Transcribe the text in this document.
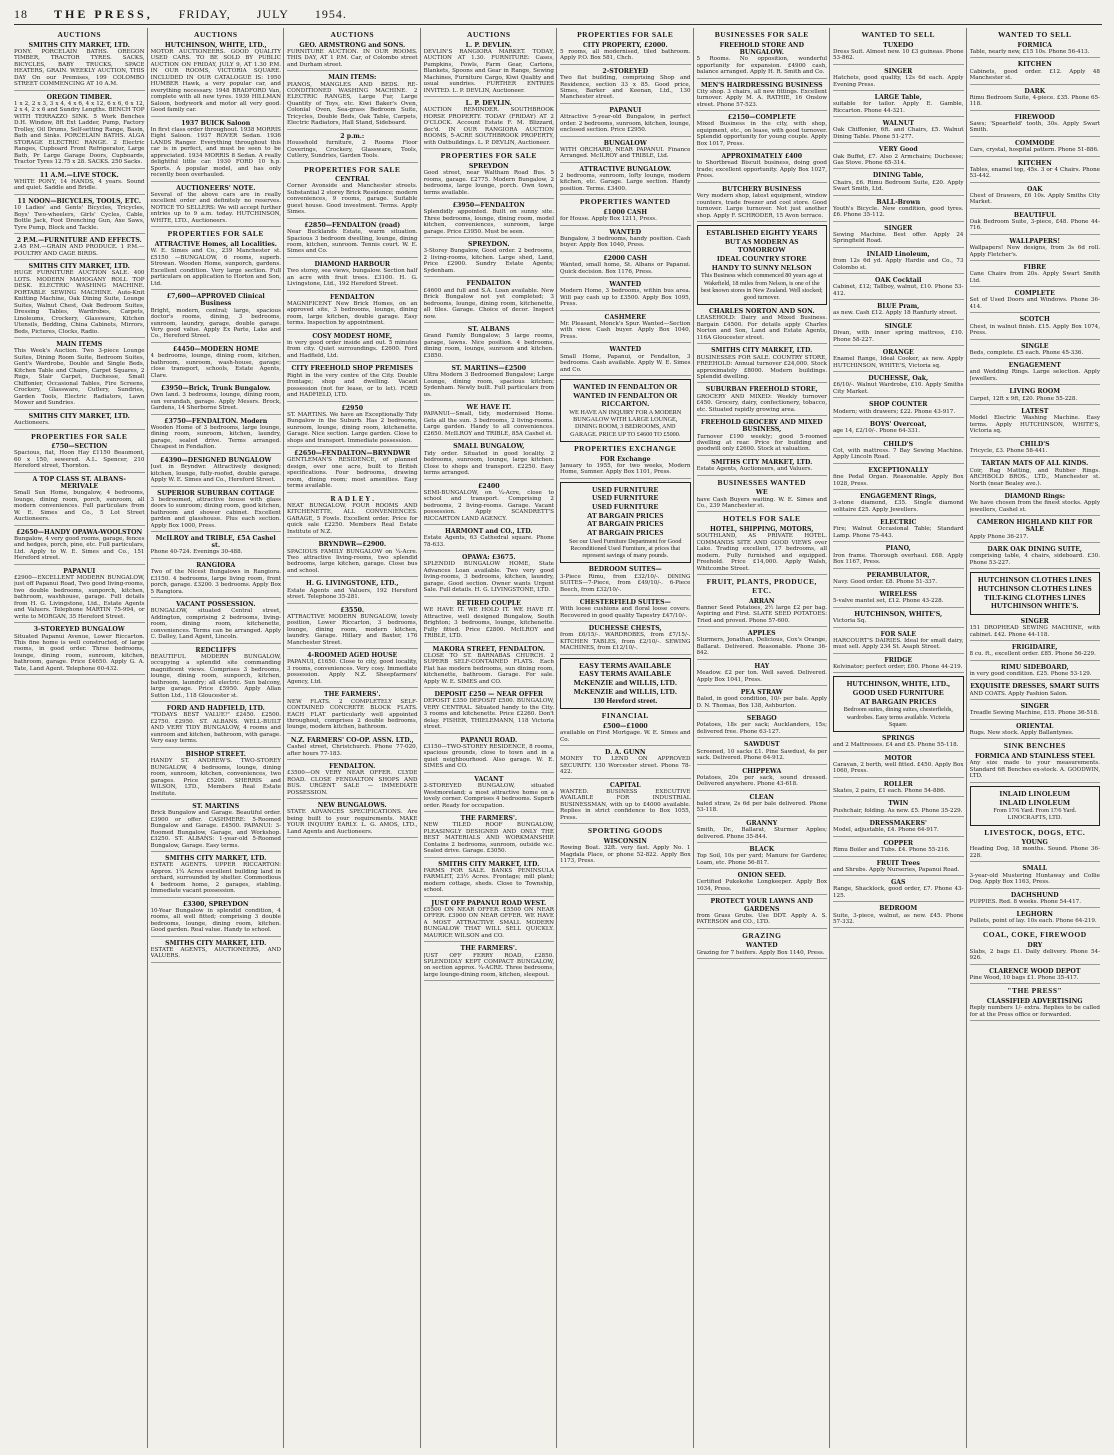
18 THE PRESS, FRIDAY, JULY 1954.
AUCTIONS
SMITHS CITY MARKET, LTD.
PONY. PORCELAIN BATHS. OREGON TIMBER, TRACTOR TYRES. SACKS, BICYCLES, BABY TRUCKS, SPACE HEATERS, GRAIN. WEEKLY AUCTION, THIS DAY On our Premises, 199 COLOMBO STREET COMMENCING AT 10 A.M.
OREGON TIMBER.
1 x 2, 2 x 3, 3 x 4, 4 x 6, 4 x 12, 6 x 6, 6 x 12, 2 x 4, 2 x 6 and Sundry Lengths. BENCH TOP WITH TERRAZZO SINK. 5 Work Benches D.H. Window, 8ft Ext Ladder, Pump, Factory Trolley, Oil Drums, Self-setting Range, Basin, Bath and Sinks. PORCELAIN BATHS. ALGA STORAGE ELECTRIC RANGE. 2 Electric Ranges, Cupboard Front Refrigerator, Large Bath, Pr Large Garage Doors, Cupboards, Tractor Tyres 12.75 x 28. SACKS. 250 Sacks.
11 A.M.—LIVE STOCK.
WHITE PONY, 14 HANDS, 4 years. Sound and quiet. Saddle and Bridle.
11 NOON—BICYCLES, TOOLS, ETC.
10 Ladies' and Gents' Bicycles, Tricycles, Boys' Two-wheelers, Girls' Cycles, Cable, Bottle Jack, Foot Drenching Gun, Axe Saws, Tyre Pump, Block and Tackle.
2 P.M.—FURNITURE AND EFFECTS.
2.45 P.M.—GRAIN AND PRODUCE. 1 P.M.—POULTRY AND CAGE BIRDS.
SMITHS CITY MARKET, LTD.
HUGE FURNITURE AUCTION SALE. 400 LOTS. MODERN MAHOGANY ROLL TOP DESK. ELECTRIC WASHING MACHINE. PORTABLE SEWING MACHINE. Auto-Knit Knitting Machine, Oak Dining Suite, Lounge Suites, Walnut Chest, Oak Bedroom Suites, Dressing Tables, Wardrobes, Carpets, Linoleums, Crockery, Glassware, Kitchen Utensils, Bedding, China Cabinets, Mirrors, Beds, Pictures, Clocks, Radio.
MAIN ITEMS
This Week's Auction. Two 3-piece Lounge Suites, Dining Room Suite, Bedroom Suites, Gent's Wardrobe, Double and Single Beds, Kitchen Table and Chairs, Carpet Squares, 2 Rugs, Stair Carpet, Duchesse, Small Chiffonier, Occasional Tables, Fire Screens, Crockery, Glassware, Cutlery, Sundries, Garden Tools, Electric Radiators, Lawn Mower and Sundries.
SMITHS CITY MARKET, LTD.
Auctioneers.
PROPERTIES FOR SALE
£750—SECTION
Spacious, flat, Hoon Hay £1150 Beaumont, 60 x 150, sewered. A.L. Spencer, 210 Hereford street, Thornton.
A TOP CLASS ST. ALBANS-MERIVALE
Small Sun Home, bungalow, 4 bedrooms, lounge, dining room, porch, sunroom, all modern conveniences. Full particulars from W. E. Simes and Co., 5 Lot Street Auctioneers.
£2650—HANDY OPAWA-WOOLSTON
Bungalow, 4 very good rooms, garage, fences and hedges, porch, pine, etc. Full particulars, Ltd. Apply to W. E. Simes and Co., 151 Hereford street.
PAPANUI
£2900—EXCELLENT MODERN BUNGALOW, just off Papanui Road, Two good living-rooms, two double bedrooms, sunporch, kitchen, bathroom, washhouse, garage. Full details from H. G. Livingstone, Ltd., Estate Agents and Valuers. Telephone MARTIN 75-994, or write to MORGAN, 35 Hereford Street.
3-STOREYED BUNGALOW
Situated Papanui Avenue, Lower Riccarton. This fine home is well constructed, of large rooms, in good order. Three bedrooms, lounge, dining room, sunroom, kitchen, bathroom, garage. Price £4650. Apply G. A. Tate, Land Agent. Telephone 60-432.
AUCTIONS
HUTCHINSON, WHITE, LTD.,
MOTOR AUCTIONEERS. GOOD QUALITY USED CARS. TO BE SOLD BY PUBLIC AUCTION ON FRIDAY, JULY 9, AT 1.30 P.M. IN OUR ROOMS, VICTORIA SQUARE. INCLUDED IN OUR CATALOGUE IS: 1950 HUMBER Hawk, a very popular car, and everything necessary. 1948 BRADFORD Van, complete with all new tyres. 1939 HILLMAN Saloon, bodywork and motor all very good. Good family car.
1937 BUICK Saloon
In first class order throughout. 1938 MORRIS Eight Saloon. 1937 ROVER Sedan. 1936 LANDS Ranger. Everything throughout this car is in perfect, and must be seen to be appreciated. 1934 MORRIS 8 Sedan. A really delightful little car. 1930 FORD 10 h.p. Sports. A popular model, and has only recently been overhauled.
AUCTIONEERS' NOTE.
Several of the above cars are in really excellent order and definitely no reserves. NOTICE TO SELLERS: We will accept further entries up to 9 a.m. today. HUTCHINSON, WHITE, LTD., Auctioneers.
PROPERTIES FOR SALE
ATTRACTIVE Homes, all Localities.
W. E. Simes and Co., 239 Manchester st. £5150 —BUNGALOW, 6 rooms, superb. Strowan. Wooden Home, sunporch, gardens. Excellent condition. Very large section. Full particulars on application to Horton and Son, Ltd.
£7,600—APPROVED Clinical Business
Bright, modern, central; large, spacious doctor's rooms, dining, 3 bedrooms, sunroom, laundry, garage, double garage. Very good value. Apply Ex Parte, Lake and Co., Hereford Street.
£4450—MODERN HOME
4 bedrooms, lounge, dining room, kitchen, bathroom, sunroom, wash-house, garage; close transport, schools, Estate Agents, Clare.
£3950—Brick, Trunk Bungalow.
Own land. 3 bedrooms, lounge, dining room, sun verandah, garage. Apply Messrs. Brock, Gardens, 14 Sherborne Street.
£3750—FENDALTON. Modern
Wooden Home of 3 bedrooms, large lounge, dining room, sunroom, kitchen, laundry, garage, sealed drive. Terms arranged. Cheapest in Fendalton.
£4390—DESIGNED BUNGALOW
Just in Bryndwr. Attractively designed; kitchen, lounge, fully-roofed, double garage. Apply W. E. Simes and Co., Hereford Street.
SUPERIOR SUBURBAN COTTAGE
3 bedroomed, attractive house with glass doors to sunroom; dining room, good kitchen, bathroom and shower cabinet. Excellent garden and glasshouse. Plus each section. Apply Box 1000, Press.
McILROY and TRIBLE, £5A Cashel st.
Phone 40-724. Evenings 30-488.
RANGIORA
Two of the Nicest Bungalows in Rangiora. £3150. 4 bedrooms, large living room, front porch, garage. £3200. 3 bedrooms. Apply Box 5 Rangiora.
VACANT POSSESSION.
BUNGALOW, situated Central street, Addington, comprising 2 bedrooms, living-room, dining room, kitchenette, conveniences. Terms can be arranged. Apply C. Dalley, Land Agent, Lincoln.
REDCLIFFS
BEAUTIFUL MODERN BUNGALOW, occupying a splendid site commanding magnificent views. Comprises 3 bedrooms, lounge, dining room, sunporch, kitchen, bathroom, laundry; all electric. Sun balcony, large garage. Price £5950. Apply Allan Sutton Ltd., 118 Gloucester st.
FORD AND HADFIELD, LTD.
"TODAYS BEST VALUE!" £2450. £2500. £2750. £2950. ST. ALBANS. WELL-BUILT AND VERY TIDY BUNGALOW, 4 rooms and sunroom and kitchen, bathroom, with garage. Very easy terms.
BISHOP STREET.
HANDY ST. ANDREW'S. TWO-STOREY BUNGALOW, 4 bedrooms, lounge, dining room, sunroom, kitchen, conveniences, two garages. Price £5200. SHERRIS and WILSON, LTD., Members Real Estate Institute.
ST. MARTINS
Brick Bungalow and Garage. Beautiful order. £3900 or offer. CASHMERE: 5-Roomed Bungalow and Garage. £4500. PAPANUI: 3-Roomed Bungalow, Garage, and Workshop. £3250. ST. ALBANS: 1-year-old 5-Roomed Bungalow, Garage. Easy terms.
SMITHS CITY MARKET, LTD.
ESTATE AGENTS. UPPER RICCARTON: Approx. 1¼ Acres excellent building land in orchard, surrounded by shelter. Commodious 4 bedroom home, 2 garages, stabling. Immediate vacant possession.
£3300, SPREYDON
10-Year Bungalow in splendid condition, 4 rooms, all well fitted; comprising 3 double bedrooms, lounge, dining room, kitchen. Good garden. Real value. Handy to school.
SMITHS CITY MARKET, LTD.
ESTATE AGENTS, AUCTIONEERS, AND VALUERS.
AUCTIONS
GEO. ARMSTRONG and SONS.
FURNITURE AUCTION. IN OUR ROOMS. THIS DAY, AT 1 P.M. Car, of Colombo street and Durham street.
MAIN ITEMS:
PIANOS, MANGLES AND BEDS. RE-CONDITIONED WASHING MACHINE. 2 ELECTRIC RANGES, Large Fur, Large Quantity of Toys, etc. Kiwi Baker's Oven, Colonial Oven, Sea-grass Bedroom Suite, Tricycles, Double Beds, Oak Table, Carpets, Electric Radiators, Hall Stand, Sideboard.
2 p.m.:
Household furniture, 2 Rooms Floor Coverings, Crockery, Glassware, Tools, Cutlery, Sundries, Garden Tools.
PROPERTIES FOR SALE
CENTRAL
Corner Avonside and Manchester streets. Substantial 2 storey Brick Residence; modern conveniences, 9 rooms, garage. Suitable guest house. Good investment. Terms. Apply Simes.
£2850—FENDALTON (road)
Near Bucklands Estate, warm situation. Spacious 3 bedroom dwelling, lounge, dining room, kitchen, sunroom. Tennis court. W. E. Simes and Co.
DIAMOND HARBOUR
Two storey, sea views, bungalow. Section half an acre with fruit trees. £3100. H. G. Livingstone, Ltd., 192 Hereford Street.
FENDALTON
MAGNIFICENT New Brick Homes, on an approved site, 3 bedrooms, lounge, dining room, large kitchen, double garage. Easy terms. Inspection by appointment.
COSY MODEST HOME,
in very good order inside and out. 5 minutes from city. Quiet surroundings. £2600. Ford and Hadfield, Ltd.
CITY FREEHOLD SHOP PREMISES
Right in the very centre of the City. Double frontage; shop and dwelling. Vacant possession (not for lease, or to let). FORD and HADFIELD, LTD.
£2950
ST. MARTINS. We have an Exceptionally Tidy Bungalow in the Suburb. Has 2 bedrooms, sunroom, lounge, dining room, kitchenette. Garage. Nice section. Large garden. Close to shops and transport. Immediate possession.
£2650—FENDALTON—BRYNDWR
GENTLEMAN'S RESIDENCE, of planned design, over one acre, built to British specifications. Four bedrooms, drawing room, dining room; most amenities. Easy terms available.
R A D L E Y .
NEAT BUNGALOW, FOUR ROOMS AND KITCHENETTE, ALL CONVENIENCES. GARAGE, 5 Fowls. Excellent order. Price for quick sale £2250. Members Real Estate Institute of N.Z.
BRYNDWR—£2900.
SPACIOUS FAMILY BUNGALOW on ¼-Acre. Two attractive living-rooms, two splendid bedrooms, large kitchen, garage. Close bus and school.
H. G. LIVINGSTONE, LTD.,
Estate Agents and Valuers, 192 Hereford street. Telephone 35-281.
£3550.
ATTRACTIVE MODERN BUNGALOW, lovely position, Lower Riccarton, 3 bedrooms, lounge, dining room, modern kitchen, laundry. Garage. Hillary and Baxter, 176 Manchester Street.
4-ROOMED AGED HOUSE
PAPANUI, £1650. Close to city, good locality, 3 rooms, conveniences. Very cosy. Immediate possession. Apply N.Z. Sheepfarmers' Agency, Ltd.
THE FARMERS'.
NEW FLATS. 2 COMPLETELY SELF-CONTAINED CONCRETE BLOCK FLATS. EACH FLAT particularly well appointed throughout, comprises 2 double bedrooms, lounge, modern kitchen, bathroom.
N.Z. FARMERS' CO-OP. ASSN. LTD.,
Cashel street, Christchurch. Phone 77-020, after hours 77-183.
FENDALTON.
£3500—ON VERY NEAR OFFER. CLYDE ROAD. CLOSE FENDALTON SHOPS AND BUS. URGENT SALE — IMMEDIATE POSSESSION.
NEW BUNGALOWS.
STATE ADVANCES SPECIFICATIONS. Are being built to your requirements. MAKE YOUR INQUIRY EARLY. L. G. AMOS, LTD., Land Agents and Auctioneers.
AUCTIONS
L. P. DEVLIN.
DEVLIN'S RANGIORA MARKET. TODAY, AUCTION AT 1.30. FURNITURE: Cases, Pumpkins, Fowls, Farm Gear, Cartons, Blankets, Spoons and Gear in Range, Sewing Machines, Furniture Cargo, Kiwi Quality and usual sundries. FURTHER ENTRIES INVITED. L. P. DEVLIN, Auctioneer.
L. P. DEVLIN.
AUCTION REMINDER. SOUTHBROOK HORSE PROPERTY. TODAY (FRIDAY) AT 2 O'CLOCK. Account Estate F. M. Blizzard, dec'd. IN OUR RANGIORA AUCTION ROOMS, 5-ACRE SOUTHBROOK PROPERTY, with Outbuildings. L. P. DEVLIN, Auctioneer.
PROPERTIES FOR SALE
SPREYDON
Good street, near Waltham Road Bus. 5 rooms, garage. £2775. Modern Bungalow, 2 bedrooms, large lounge, porch. Own town, terms available.
£3950—FENDALTON
Splendidly appointed. Built on sunny site. Three bedrooms, lounge, dining room, model kitchen, conveniences, sunroom, large garage. Price £3950. Must be seen.
SPREYDON.
3-Storey Bungalow, Good order. 2 bedrooms, 2 living-rooms, kitchen. Large shed, Land, Price £2900. Sundry Estate Agents; Sydenham.
FENDALTON
£4600 and full and S.A. Loan available. New Brick Bungalow not yet completed; 3 bedrooms, lounge, dining room, kitchenette, all tiles. Garage. Choice of decor. Inspect now.
ST. ALBANS
Grand Family Bungalow; 5 large rooms, garage, lawns. Nice position. 4 bedrooms, dining room, lounge, sunroom and kitchen. £3850.
ST. MARTINS—£2500
Ultra Modern 3 Bedroomed Bungalow; Large Lounge, dining room, spacious kitchen; Sydenham. Newly built. Full particulars from us.
WE HAVE IT.
PAPANUI—Small, tidy, modernised Home. Gets all the sun. 3 bedrooms, 2 living-rooms. Large garden. Handy to all conveniences. £2650. McILROY and TRIBLE, 85A Cashel st.
SMALL BUNGALOW,
Tidy order. Situated in good locality. 2 bedrooms, sunroom, lounge, large kitchen. Close to shops and transport. £2250. Easy terms arranged.
£2400
SEMI-BUNGALOW, on ¼-Acre, close to school and transport. Comprising 2 bedrooms, 2 living-rooms. Garage. Vacant possession. Apply SCANDRETT'S RICCARTON LAND AGENCY.
HARMONT and CO., LTD.
Estate Agents, 63 Cathedral square. Phone 78-633.
OPAWA: £3675.
SPLENDID BUNGALOW HOME, State Advances Loan available. Two very good living-rooms, 3 bedrooms, kitchen, laundry, garage. Good section. Owner wants Urgent Sale. Full details. H. G. LIVINGSTONE, LTD.
RETIRED COUPLE
WE HAVE IT. WE HOLD IT. WE HAVE IT. Attractive, well designed Bungalow, South Brighton; 3 bedrooms, lounge, kitchenette. Fully fitted. Price £2800. McILROY and TRIBLE, LTD.
MAKORA STREET, FENDALTON.
CLOSE TO ST. BARNABAS CHURCH. 2 SUPERB SELF-CONTAINED FLATS. Each Flat has modern bedrooms, sun dining room, kitchenette, bathroom. Garage. For sale. Apply W. E. SIMES and CO.
DEPOSIT £250 — NEAR OFFER
DEPOSIT £350 DEPOSIT £500. BUNGALOW, VERY CENTRAL. Situated handy to the City. 3 rooms and kitchenette. Price £2260. Don't delay. FISHER, THIELEMANN, 118 Victoria street.
PAPANUI ROAD.
£3150—TWO-STOREY RESIDENCE, 8 rooms, spacious grounds, close to town and in a quiet neighbourhood. Also garage. W. E. SIMES and CO.
VACANT
2-STOREYED BUNGALOW, situated Westmoreland; a most attractive home on a lovely corner. Comprises 4 bedrooms. Superb order. Ready for occupation.
THE FARMERS'.
NEW TILED ROOF BUNGALOW, PLEASINGLY DESIGNED AND ONLY THE BEST MATERIALS AND WORKMANSHIP. Contains 2 bedrooms, sunroom, outside w.c. Sealed drive. Garage. £3050.
SMITHS CITY MARKET, LTD.
FARMS FOR SALE. BANKS PENINSULA FARMLET, 23½ Acres. Frontage; mill plant; modern cottage, sheds. Close to Township, school.
JUST OFF PAPANUI ROAD WEST.
£5500 ON NEAR OFFER. £5500 ON NEAR OFFER. £3900 ON NEAR OFFER. WE HAVE A MOST ATTRACTIVE SMALL MODERN BUNGALOW THAT WILL SELL QUICKLY. MAURICE WILSON and CO.
THE FARMERS'.
JUST OFF FERRY ROAD, £2850. SPLENDIDLY KEPT COMPACT BUNGALOW, on section approx. ¼-ACRE. Three bedrooms, large lounge-dining room, kitchen, sleepout.
PROPERTIES FOR SALE
CITY PROPERTY, £2000.
5 rooms, all modernised, tiled bathroom. Apply P.O. Box 581, Chch.
2-STOREYED
Two flat building, comprising Shop and Residence, section 33 x 85. Good price, Simes, Barker and Keenan, Ltd., 130 Manchester street.
PAPANUI
Attractive 5-year-old Bungalow, in perfect order. 2 bedrooms, sunroom, kitchen, lounge, enclosed section. Price £2950.
BUNGALOW
WITH ORCHARD, NEAR PAPANUI. Finance Arranged. McILROY and TRIBLE, Ltd.
ATTRACTIVE BUNGALOW.
2 bedrooms, sunroom, lofty lounge, modern kitchen, etc. Garage. Large section. Handy position. Terms. £3400.
PROPERTIES WANTED
£1000 CASH
for House. Apply Box 1211, Press.
WANTED
Bungalow, 3 bedrooms, handy position. Cash buyer. Apply Box 1040, Press.
£2000 CASH
Wanted, small home, St. Albans or Papanui. Quick decision. Box 1176, Press.
WANTED
Modern Home, 3 bedrooms, within bus area. Will pay cash up to £3500. Apply Box 1095, Press.
CASHMERE
Mr. Pleasant, Monck's Spur. Wanted—Section with view. Cash buyer. Apply Box 1040, Press.
WANTED
Small Home, Papanui, or Fendalton, 3 bedrooms. Cash available. Apply W. E. Simes and Co.
WANTED IN FENDALTON OR
WANTED IN FENDALTON OR
RICCARTON.
WE HAVE AN INQUIRY FOR A MODERN BUNGALOW WITH LARGE LOUNGE, DINING ROOM, 3 BEDROOMS, AND GARAGE. PRICE UP TO £4600 TO £5000.
PROPERTIES EXCHANGE
FOR Exchange
January to 1955, for two weeks, Modern Home, Sumner. Apply Box 1101, Press.
USED FURNITURE
USED FURNITURE
USED FURNITURE
AT BARGAIN PRICES
AT BARGAIN PRICES
AT BARGAIN PRICES
See our Used Furniture Department for Good Reconditioned Used Furniture, at prices that represent savings of many pounds.
BEDROOM SUITES—
3-Piece Rimu, from £32/10/-. DINING SUITES—7-Piece, from £49/10/-. 6-Piece Beech, from £32/10/-.
CHESTERFIELD SUITES—
With loose cushions and floral loose covers. Recovered in good quality Tapestry £47/10/-.
DUCHESSE CHESTS,
from £6/15/-. WARDROBES, from £7/15/-. KITCHEN TABLES, from £2/10/-. SEWING MACHINES, from £12/10/-.
EASY TERMS AVAILABLE
EASY TERMS AVAILABLE
McKENZIE and WILLIS, LTD.
McKENZIE and WILLIS, LTD.
130 Hereford street.
FINANCIAL
£500—£1000
available on First Mortgage. W. E. Simes and Co.
D. A. GUNN
MONEY TO LEND ON APPROVED SECURITY. 130 Worcester street. Phone 78-422.
CAPITAL
WANTED. BUSINESS EXECUTIVE AVAILABLE FOR INDUSTRIAL BUSINESSMAN, with up to £4000 available. Replies in strict confidence to Box 1055, Press.
SPORTING GOODS
WISCONSIN
Rowing Boat. 32ft. very fast. Apply No. 1 Magdala Place, or phone 52-822. Apply Box 1173, Press.
BUSINESSES FOR SALE
FREEHOLD STORE AND BUNGALOW.
5 Rooms. No opposition, wonderful opportunity for expansion. £4900 cash, balance arranged. Apply H. R. Smith and Co.
MEN'S HAIRDRESSING BUSINESS
City shop. 3 chairs, all new fittings. Excellent turnover. Apply M. A. RATHIE, 16 Onslow street. Phone 57-523.
£2150—COMPLETE
Mixed Business in the city, with shop, equipment, etc., on lease, with good turnover. Splendid opportunity for young couple. Apply Box 1017, Press.
APPROXIMATELY £400
to Shortbread Biscuit business, doing good trade; excellent opportunity. Apply Box 1027, Press.
BUTCHERY BUSINESS
Very modern shop, latest equipment, window counters, trade freezer and cool store. Good turnover. Large turnover. Not just another shop. Apply F. SCHRODER, 15 Avon terrace.
ESTABLISHED EIGHTY YEARS
BUT AS MODERN AS TOMORROW
IDEAL COUNTRY STORE
HANDY TO SUNNY NELSON
This Business which commenced 80 years ago at Wakefield, 18 miles from Nelson, is one of the best known stores in New Zealand. Well stocked; good turnover.
CHARLES NORTON AND SON.
LEASEHOLD: Dairy and Mixed Business. Bargain £4500. For details apply Charles Norton and Son, Land and Estate Agents, 116A Gloucester street.
SMITHS CITY MARKET, LTD.
BUSINESSES FOR SALE. COUNTRY STORE, FREEHOLD: Annual turnover £24,000. Stock approximately £8000. Modern buildings. Splendid dwelling.
SUBURBAN FREEHOLD STORE,
GROCERY AND MIXED: Weekly turnover £450. Grocery, dairy, confectionery, tobacco, etc. Situated rapidly growing area.
FREEHOLD GROCERY AND MIXED BUSINESS,
Turnover £190 weekly; good 5-roomed dwelling at rear. Price for building and goodwill only £2600. Stock at valuation.
SMITHS CITY MARKET, LTD.
Estate Agents, Auctioneers, and Valuers.
BUSINESSES WANTED
WE
have Cash Buyers waiting. W. E. Simes and Co., 239 Manchester st.
HOTELS FOR SALE
HOTEL, SHIPPING, MOTORS,
SOUTHLAND, AS PRIVATE HOTEL. COMMANDS SITE AND GOOD VIEWS over Lake. Trading excellent, 17 bedrooms, all modern. Fully furnished and equipped. Freehold. Price £14,000. Apply Walsh, Whitcombe Street.
FRUIT, PLANTS, PRODUCE, ETC.
ARRAN
Banner Seed Potatoes, 2½ large £2 per bag. Aspiring and First. SLATE SEED POTATOES: Tried and proved. Phone 57-600.
APPLES
Sturmers, Jonathan, Delicious, Cox's Orange, Ballarat. Delivered. Reasonable. Phone 36-842.
HAY
Meadow. £2 per ton. Well saved. Delivered. Apply Box 1041, Press.
PEA STRAW
Baled, in good condition, 10/- per bale. Apply D. N. Thomas, Box 138, Ashburton.
SEBAGO
Potatoes, 18s per sack; Aucklanders, 15s; delivered free. Phone 63-127.
SAWDUST
Screened, 10 sacks £1. Pine Sawdust, 4s per sack. Delivered. Phone 64-912.
CHIPPEWA
Potatoes, 20s per sack, sound dressed. Delivered anywhere. Phone 43-618.
CLEAN
baled straw, 2s 6d per bale delivered. Phone 53-118.
GRANNY
Smith, Dr., Ballarat, Sturmer Apples; delivered. Phone 35-844.
BLACK
Top Soil, 10s per yard; Manure for Gardens; Loam, etc. Phone 56-817.
ONION SEED.
Certified Pukekohe Longkeeper. Apply Box 1034, Press.
PROTECT YOUR LAWNS AND GARDENS
from Grass Grubs. Use DDT. Apply A. S. PATERSON and CO., LTD.
GRAZING
WANTED
Grazing for 7 heifers. Apply Box 1140, Press.
WANTED TO SELL
TUXEDO
Dress Suit. Almost new. 10 £3 guineas. Phone 53-862.
SINGER
Hatchets, good quality, 12s 6d each. Apply Evening Press.
LARGE Table,
suitable for tailor. Apply E. Gamble, Riccarton. Phone 44-321.
WALNUT
Oak Chiffonier, 6ft. and Chairs, £5. Walnut Dining Table. Phone 51-277.
VERY Good
Oak Buffet, £7. Also 2 Armchairs; Duchesse; Gas Stove. Phone 65-314.
DINING Table,
Chairs, £6. Rimu Bedroom Suite, £20. Apply Swart Smith, Ltd.
BALL-Brown
Youth's Bicycle. New condition, good tyres. £6. Phone 35-112.
SINGER
Sewing Machine. Best offer. Apply 24 Springfield Road.
INLAID Linoleum,
from 12s 6d yd. Apply Hardie and Co., 73 Colombo st.
OAK Cocktail
Cabinet, £12; Tallboy, walnut, £10. Phone 53-412.
BLUE Pram,
as new. Cash £12. Apply 18 Ranfurly street.
SINGLE
Divan, with inner spring mattress, £10. Phone 58-227.
ORANGE
Enamel Range, Ideal Cooker, as new. Apply HUTCHINSON, WHITE'S, Victoria sq.
DUCHESSE, Oak,
£6/10/-. Walnut Wardrobe, £10. Apply Smiths City Market.
SHOP COUNTER
Modern; with drawers; £22. Phone 43-917.
BOYS' Overcoat,
age 14, £2/10/-. Phone 64-331.
CHILD'S
Cot, with mattress. 7 Bay Sewing Machine. Apply Lincoln Road.
EXCEPTIONALLY
fine Pedal Organ. Reasonable. Apply Box 1028, Press.
ENGAGEMENT Rings,
3-stone diamond, £35. Single diamond solitaire £25. Apply Jewellers.
ELECTRIC
Fire; Walnut Occasional Table; Standard Lamp. Phone 75-443.
PIANO,
Iron frame. Thorough overhaul. £68. Apply Box 1167, Press.
PERAMBULATOR,
Navy. Good order. £8. Phone 51-337.
WIRELESS
5-valve mantel set, £12. Phone 43-228.
HUTCHINSON, WHITE'S,
Victoria Sq.
FOR SALE
HARCOURT'S DAIRIES. Ideal for small dairy, must sell. Apply 234 St. Asaph Street.
FRIDGE
Kelvinator; perfect order; £60. Phone 44-219.
HUTCHINSON, WHITE, LTD.,
GOOD USED FURNITURE
AT BARGAIN PRICES
Bedroom suites, dining suites, chesterfields, wardrobes. Easy terms available. Victoria Square.
SPRINGS
and 2 Mattresses. £4 and £5. Phone 55-118.
MOTOR
Caravan, 2 berth, well fitted. £450. Apply Box 1060, Press.
ROLLER
Skates, 2 pairs, £1 each. Phone 54-886.
TWIN
Pushchair, folding. As new. £5. Phone 35-229.
DRESSMAKERS'
Model, adjustable, £4. Phone 64-917.
COPPER
Rimu Boiler and Tubs. £4. Phone 55-216.
FRUIT Trees
and Shrubs. Apply Nurseries, Papanui Road.
GAS
Range, Shacklock, good order, £7. Phone 43-125.
BEDROOM
Suite, 3-piece, walnut, as new. £45. Phone 57-332.
WANTED TO SELL
FORMICA
Table, nearly new, £15 10s. Phone 56-413.
KITCHEN
Cabinets, good order. £12. Apply 48 Manchester st.
DARK
Rimu Bedroom Suite, 4-piece. £35. Phone 65-118.
FIREWOOD
Saws; 'Spearfield' tooth, 30s. Apply Swart Smith.
COMMODE
Cars, crystal, hospital pattern. Phone 51-886.
KITCHEN
Tables, enamel top, 45s. 3 or 4 Chairs. Phone 53-442.
OAK
Chest of Drawers, £6 10s. Apply Smiths City Market.
BEAUTIFUL
Oak Bedroom Suite, 3-piece, £48. Phone 44-716.
WALLPAPERS!
Wallpapers! New designs, from 3s 6d roll. Apply Fletcher's.
FIBRE
Cane Chairs from 20s. Apply Swart Smith Ltd.
COMPLETE
Set of Used Doors and Windows. Phone 36-414.
SCOTCH
Chest, in walnut finish. £15. Apply Box 1074, Press.
SINGLE
Beds, complete. £5 each. Phone 45-336.
ENGAGEMENT
and Wedding Rings. Large selection. Apply Jewellers.
LIVING ROOM
Carpet, 12ft x 9ft, £20. Phone 55-228.
LATEST
Model Electric Washing Machine. Easy terms. Apply HUTCHINSON, WHITE'S, Victoria sq.
CHILD'S
Tricycle, £3. Phone 58-441.
TARTAN MATS OF ALL KINDS.
Coir, Rag Matting, and Rubber Rings. ARCHBOLD BROS., LTD., Manchester st. North (near Bealey ave.).
DIAMOND Rings:
We have chosen from the finest stocks. Apply jewellers, Cashel st.
CAMERON HIGHLAND KILT FOR SALE
Apply Phone 36-217.
DARK OAK DINING SUITE,
comprising table, 4 chairs, sideboard. £30. Phone 53-227.
HUTCHINSON CLOTHES LINES
HUTCHINSON CLOTHES LINES
TILT-KING CLOTHES LINES
HUTCHINSON WHITE'S.
SINGER
151 DROPHEAD SEWING MACHINE, with cabinet. £42. Phone 44-118.
FRIGIDAIRE,
8 cu. ft., excellent order. £85. Phone 56-229.
RIMU SIDEBOARD,
in very good condition. £25. Phone 53-129.
EXQUISITE DRESSES, SMART SUITS
AND COATS. Apply Fashion Salon.
SINGER
Treadle Sewing Machine, £15. Phone 36-518.
ORIENTAL
Rugs. New stock. Apply Ballantynes.
SINK BENCHES
FORMICA AND STAINLESS STEEL
Any size made to your measurements. Standard 6ft Benches ex-stock. A. GOODWIN, LTD.
INLAID LINOLEUM
INLAID LINOLEUM
From 17/6 Yard. From 17/6 Yard. LINOCRAFTS, LTD.
LIVESTOCK, DOGS, ETC.
YOUNG
Heading Dog, 18 months. Sound. Phone 36-228.
SMALL
3-year-old Mustering Huntaway and Collie Dog. Apply Box 1163, Press.
DACHSHUND
PUPPIES. Red. 8 weeks. Phone 54-417.
LEGHORN
Pullets, point of lay. 10s each. Phone 64-219.
COAL, COKE, FIREWOOD
DRY
Slabs, 2 bags £1. Daily delivery. Phone 54-926.
CLARENCE WOOD DEPOT
Pine Wood, 10 bags £1. Phone 35-417.
"THE PRESS"
CLASSIFIED ADVERTISING
Reply numbers 1/- extra. Replies to be called for at the Press office or forwarded.
